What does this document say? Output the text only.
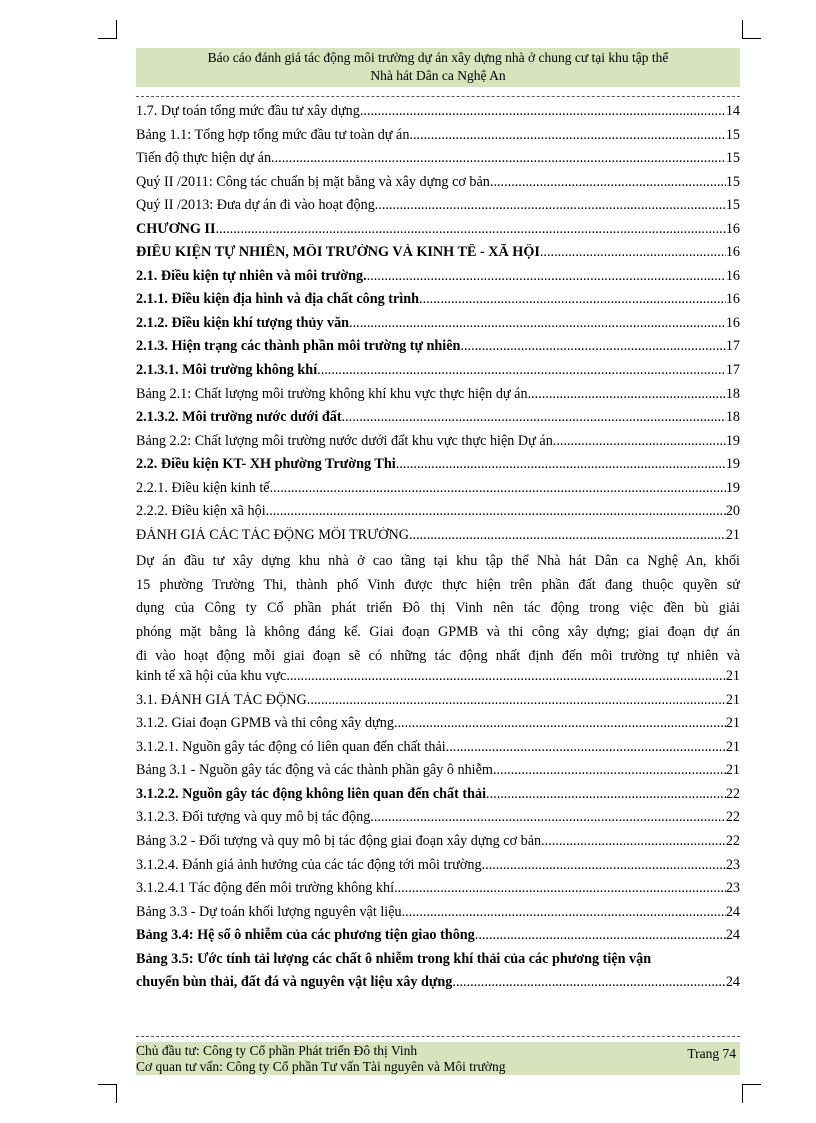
Báo cáo đánh giá tác động môi trường dự án xây dựng nhà ở chung cư tại khu tập thể
Nhà hát Dân ca Nghệ An
1.7. Dự toán tổng mức đầu tư xây dựng .....	14
Bảng 1.1: Tổng hợp tổng mức đầu tư toàn dự án .....	15
Tiến độ thực hiện dự án .....	15
Quý II /2011: Công tác chuẩn bị mặt bằng và xây dựng cơ bản. .....	15
Quý II /2013: Đưa dự án đi vào hoạt động. .....	15
CHƯƠNG II .....	16
ĐIỀU KIỆN TỰ NHIÊN, MÔI TRƯỜNG VÀ KINH TẾ - XÃ HỘI .....	16
2.1. Điều kiện tự nhiên và môi trường. .....	16
2.1.1. Điều kiện địa hình và địa chất công trình .....	16
2.1.2. Điều kiện khí tượng thủy văn .....	16
2.1.3. Hiện trạng các thành phần môi trường tự nhiên .....	17
2.1.3.1. Môi trường không khí .....	17
Bảng 2.1: Chất lượng môi trường không khí khu vực thực hiện dự án .....	18
2.1.3.2. Môi trường nước dưới đất .....	18
Bảng 2.2: Chất lượng môi trường nước dưới đất khu vực thực hiện Dự án .....	19
2.2. Điều kiện KT- XH phường Trường Thi .....	19
2.2.1. Điều kiện kinh tế .....	19
2.2.2. Điều kiện xã hội .....	20
ĐÁNH GIÁ CÁC TÁC ĐỘNG MÔI TRƯỜNG .....	21
Dự án đầu tư xây dựng khu nhà ở cao tầng tại khu tập thể Nhà hát Dân ca Nghệ An, khối
15 phường Trường Thi, thành phố Vinh được thực hiện trên phần đất đang thuộc quyền sử
dụng của Công ty Cổ phần phát triển Đô thị Vinh nên tác động trong việc đền bù giải
phóng mặt bằng là không đáng kể. Giai đoạn GPMB và thi công xây dựng; giai đoạn dự án
đi vào hoạt động mỗi giai đoạn sẽ có những tác động nhất định đến môi trường tự nhiên và
kinh tế xã hội của khu vực. .....	21
3.1. ĐÁNH GIÁ TÁC ĐỘNG .....	21
3.1.2. Giai đoạn GPMB và thi công xây dựng .....	21
3.1.2.1. Nguồn gây tác động có liên quan đến chất thải .....	21
Bảng 3.1 - Nguồn gây tác động và các thành phần gây ô nhiễm .....	21
3.1.2.2. Nguồn gây tác động không liên quan đến chất thải .....	22
3.1.2.3. Đối tượng và quy mô bị tác động .....	22
Bảng 3.2 - Đối tượng và quy mô bị tác động giai đoạn xây dựng cơ bản .....	22
3.1.2.4. Đánh giá ảnh hưởng của các tác động tới môi trường .....	23
3.1.2.4.1 Tác động đến môi trường không khí. .....	23
Bảng 3.3 - Dự toán khối lượng nguyên vật liệu .....	24
Bảng 3.4: Hệ số ô nhiễm của các phương tiện giao thông .....	24
Bảng 3.5: Ước tính tải lượng các chất ô nhiễm trong khí thải của các phương tiện vận
chuyển bùn thải, đất đá và nguyên vật liệu xây dựng .....	24
Chủ đầu tư: Công ty Cổ phần Phát triển Đô thị Vinh
Cơ quan tư vấn: Công ty Cổ phần Tư vấn Tài nguyên và Môi trường
Trang 74
